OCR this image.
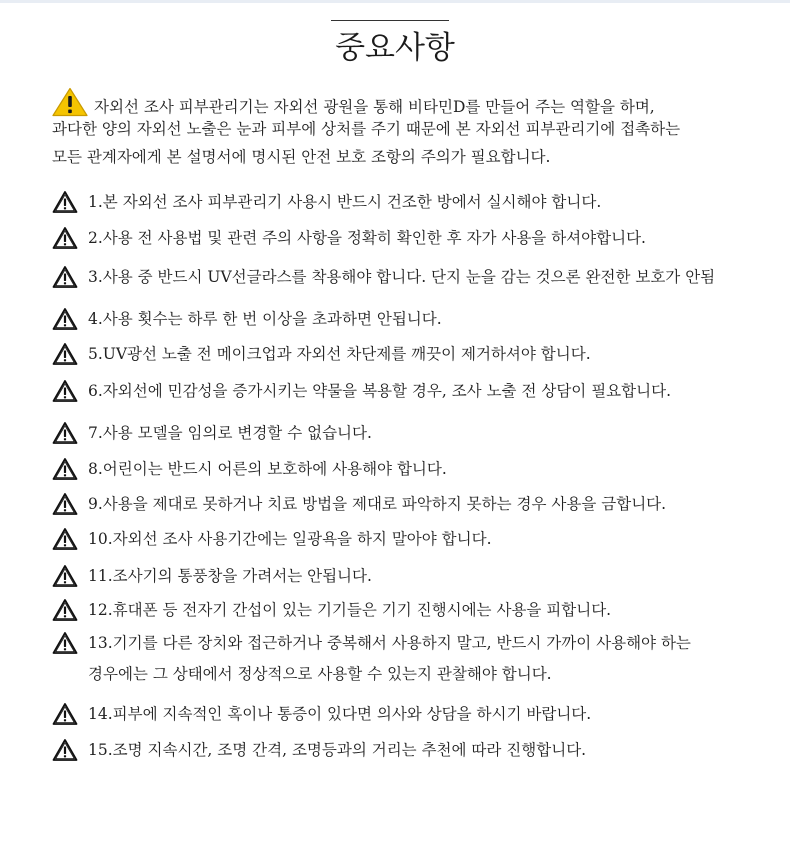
중요사항
자외선 조사 피부관리기는 자외선 광원을 통해 비타민D를 만들어 주는 역할을 하며,
과다한 양의 자외선 노출은 눈과 피부에 상처를 주기 때문에 본 자외선 피부관리기에 접촉하는
모든 관계자에게 본 설명서에 명시된 안전 보호 조항의 주의가 필요합니다.
1.본 자외선 조사 피부관리기 사용시 반드시 건조한 방에서 실시해야 합니다.
2.사용 전 사용법 및 관련 주의 사항을 정확히 확인한 후 자가 사용을 하셔야합니다.
3.사용 중 반드시 UV선글라스를 착용해야 합니다. 단지 눈을 감는 것으론 완전한 보호가 안됨
4.사용 횟수는 하루 한 번 이상을 초과하면 안됩니다.
5.UV광선 노출 전 메이크업과 자외선 차단제를 깨끗이 제거하셔야 합니다.
6.자외선에 민감성을 증가시키는 약물을 복용할 경우, 조사 노출 전 상담이 필요합니다.
7.사용 모델을 임의로 변경할 수 없습니다.
8.어린이는 반드시 어른의 보호하에 사용해야 합니다.
9.사용을 제대로 못하거나 치료 방법을 제대로 파악하지 못하는 경우 사용을 금합니다.
10.자외선 조사 사용기간에는 일광욕을 하지 말아야 합니다.
11.조사기의 통풍창을 가려서는 안됩니다.
12.휴대폰 등 전자기 간섭이 있는 기기들은 기기 진행시에는 사용을 피합니다.
13.기기를 다른 장치와 접근하거나 중복해서 사용하지 말고, 반드시 가까이 사용해야 하는
경우에는 그 상태에서 정상적으로 사용할 수 있는지 관찰해야 합니다.
14.피부에 지속적인 혹이나 통증이 있다면 의사와 상담을 하시기 바랍니다.
15.조명 지속시간, 조명 간격, 조명등과의 거리는 추천에 따라 진행합니다.
